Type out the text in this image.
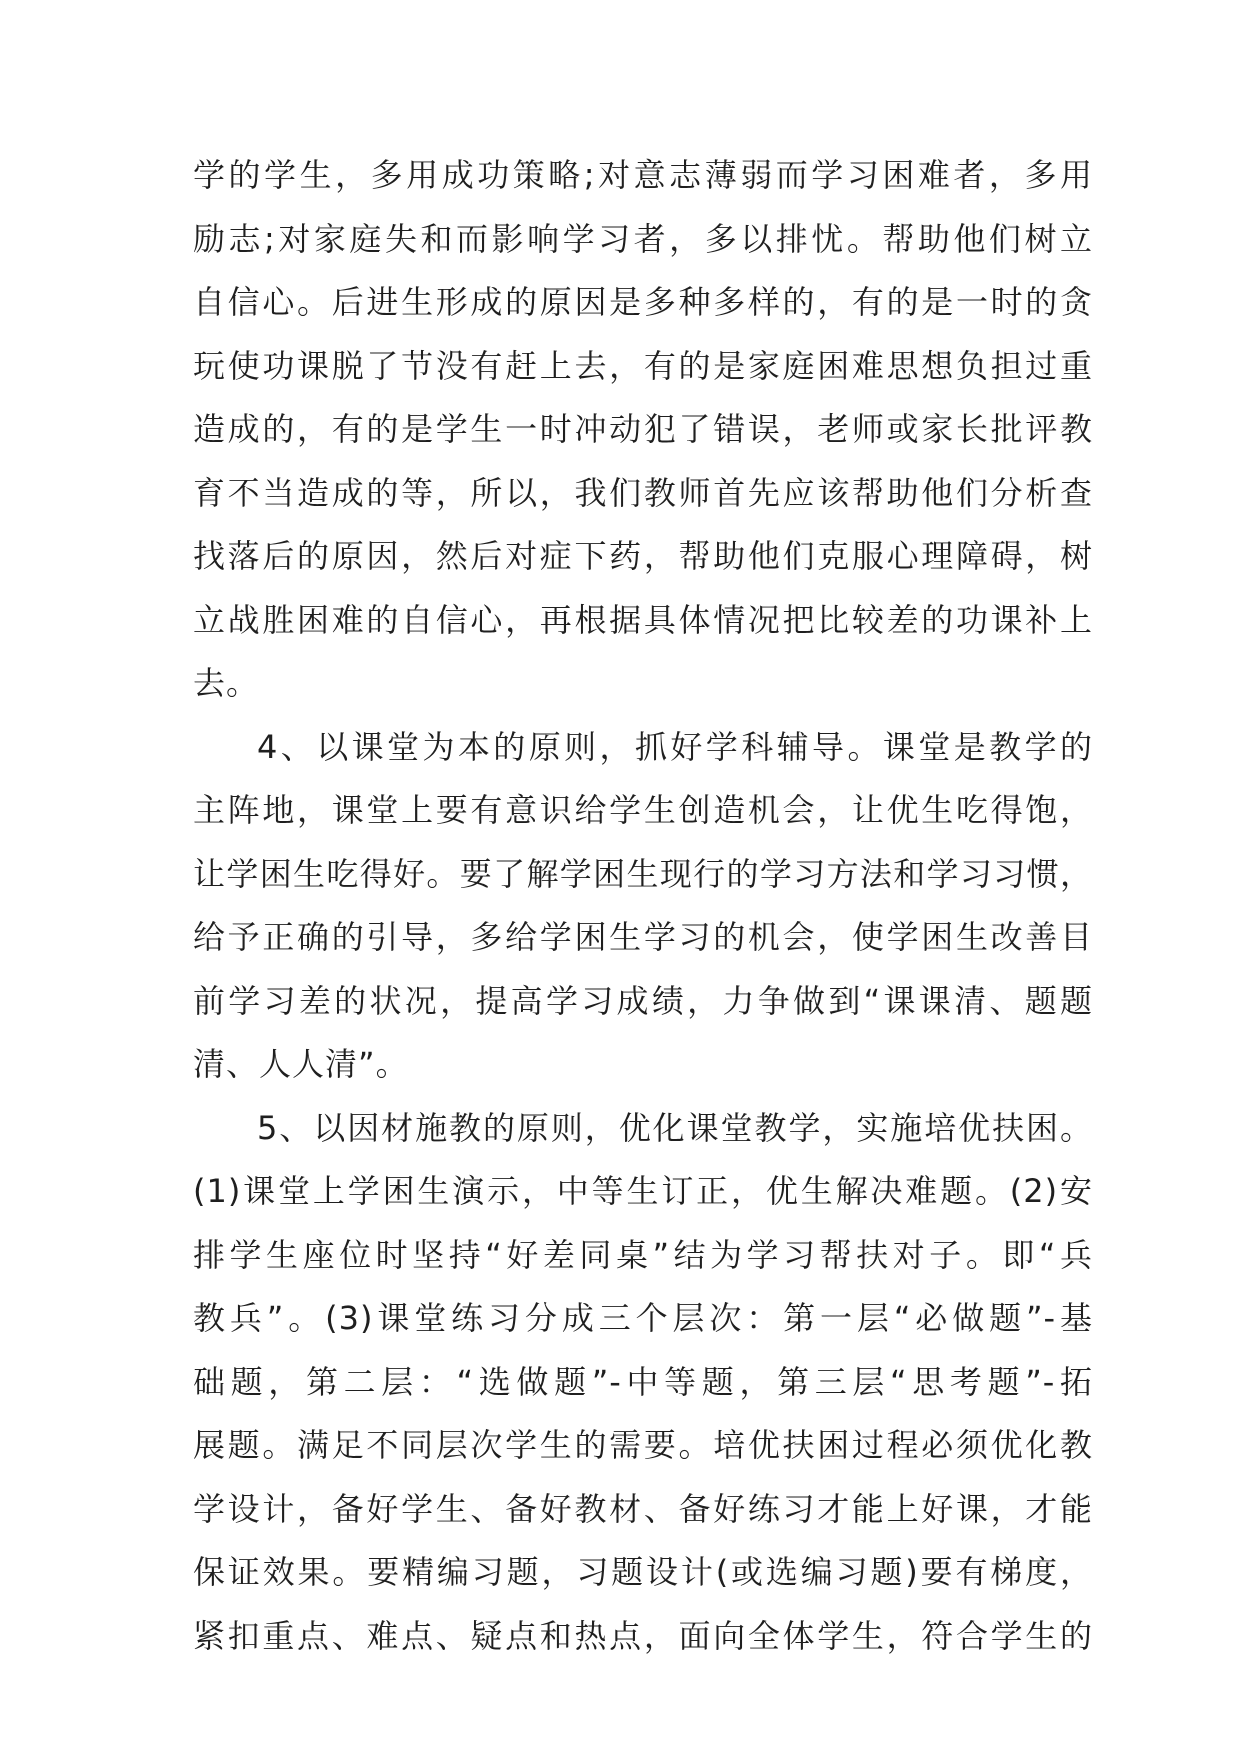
学的学生，多用成功策略;对意志薄弱而学习困难者，多用
励志;对家庭失和而影响学习者，多以排忧。帮助他们树立
自信心。后进生形成的原因是多种多样的，有的是一时的贪
玩使功课脱了节没有赶上去，有的是家庭困难思想负担过重
造成的，有的是学生一时冲动犯了错误，老师或家长批评教
育不当造成的等，所以，我们教师首先应该帮助他们分析查
找落后的原因，然后对症下药，帮助他们克服心理障碍，树
立战胜困难的自信心，再根据具体情况把比较差的功课补上
去。
4、以课堂为本的原则，抓好学科辅导。课堂是教学的
主阵地，课堂上要有意识给学生创造机会，让优生吃得饱，
让学困生吃得好。要了解学困生现行的学习方法和学习习惯，
给予正确的引导，多给学困生学习的机会，使学困生改善目
前学习差的状况，提高学习成绩，力争做到“课课清、题题
清、人人清”。
5、以因材施教的原则，优化课堂教学，实施培优扶困。
(1)课堂上学困生演示，中等生订正，优生解决难题。(2)安
排学生座位时坚持“好差同桌”结为学习帮扶对子。即“兵
教兵”。(3)课堂练习分成三个层次：第一层“必做题”-基
础题，第二层：“选做题”-中等题，第三层“思考题”-拓
展题。满足不同层次学生的需要。培优扶困过程必须优化教
学设计，备好学生、备好教材、备好练习才能上好课，才能
保证效果。要精编习题，习题设计(或选编习题)要有梯度，
紧扣重点、难点、疑点和热点，面向全体学生，符合学生的
